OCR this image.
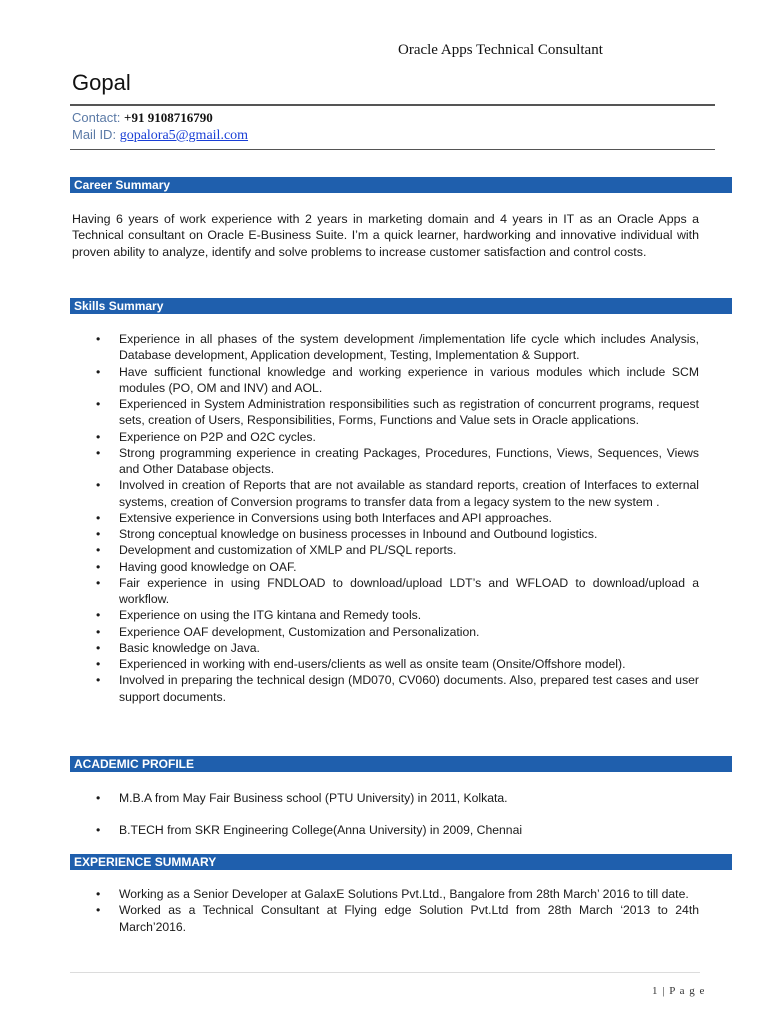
Oracle Apps Technical Consultant
Gopal
Contact: +91 9108716790
Mail ID: gopalora5@gmail.com
Career Summary
Having 6 years of work experience with 2 years in marketing domain and 4 years in IT as an Oracle Apps a Technical consultant on Oracle E-Business Suite. I’m a quick learner, hardworking and innovative individual with proven ability to analyze, identify and solve problems to increase customer satisfaction and control costs.
Skills Summary
• Experience in all phases of the system development /implementation life cycle which includes Analysis, Database development, Application development, Testing, Implementation & Support.
• Have sufficient functional knowledge and working experience in various modules which include SCM modules (PO, OM and INV) and AOL.
• Experienced in System Administration responsibilities such as registration of concurrent programs, request sets, creation of Users, Responsibilities, Forms, Functions and Value sets in Oracle applications.
• Experience on P2P and O2C cycles.
• Strong programming experience in creating Packages, Procedures, Functions, Views, Sequences, Views and Other Database objects.
• Involved in creation of Reports that are not available as standard reports, creation of Interfaces to external systems, creation of Conversion programs to transfer data from a legacy system to the new system .
• Extensive experience in Conversions using both Interfaces and API approaches.
• Strong conceptual knowledge on business processes in Inbound and Outbound logistics.
• Development and customization of XMLP and PL/SQL reports.
• Having good knowledge on OAF.
• Fair experience in using FNDLOAD to download/upload LDT’s and WFLOAD to download/upload a workflow.
• Experience on using the ITG kintana and Remedy tools.
• Experience OAF development, Customization and Personalization.
• Basic knowledge on Java.
• Experienced in working with end-users/clients as well as onsite team (Onsite/Offshore model).
• Involved in preparing the technical design (MD070, CV060) documents. Also, prepared test cases and user support documents.
ACADEMIC PROFILE
• M.B.A from May Fair Business school (PTU University) in 2011, Kolkata.
• B.TECH from SKR Engineering College(Anna University) in 2009, Chennai
EXPERIENCE SUMMARY
• Working as a Senior Developer at GalaxE Solutions Pvt.Ltd., Bangalore from 28th March’ 2016 to till date.
• Worked as a Technical Consultant at Flying edge Solution Pvt.Ltd from 28th March ‘2013 to 24th March’2016.
1 | P a g e
